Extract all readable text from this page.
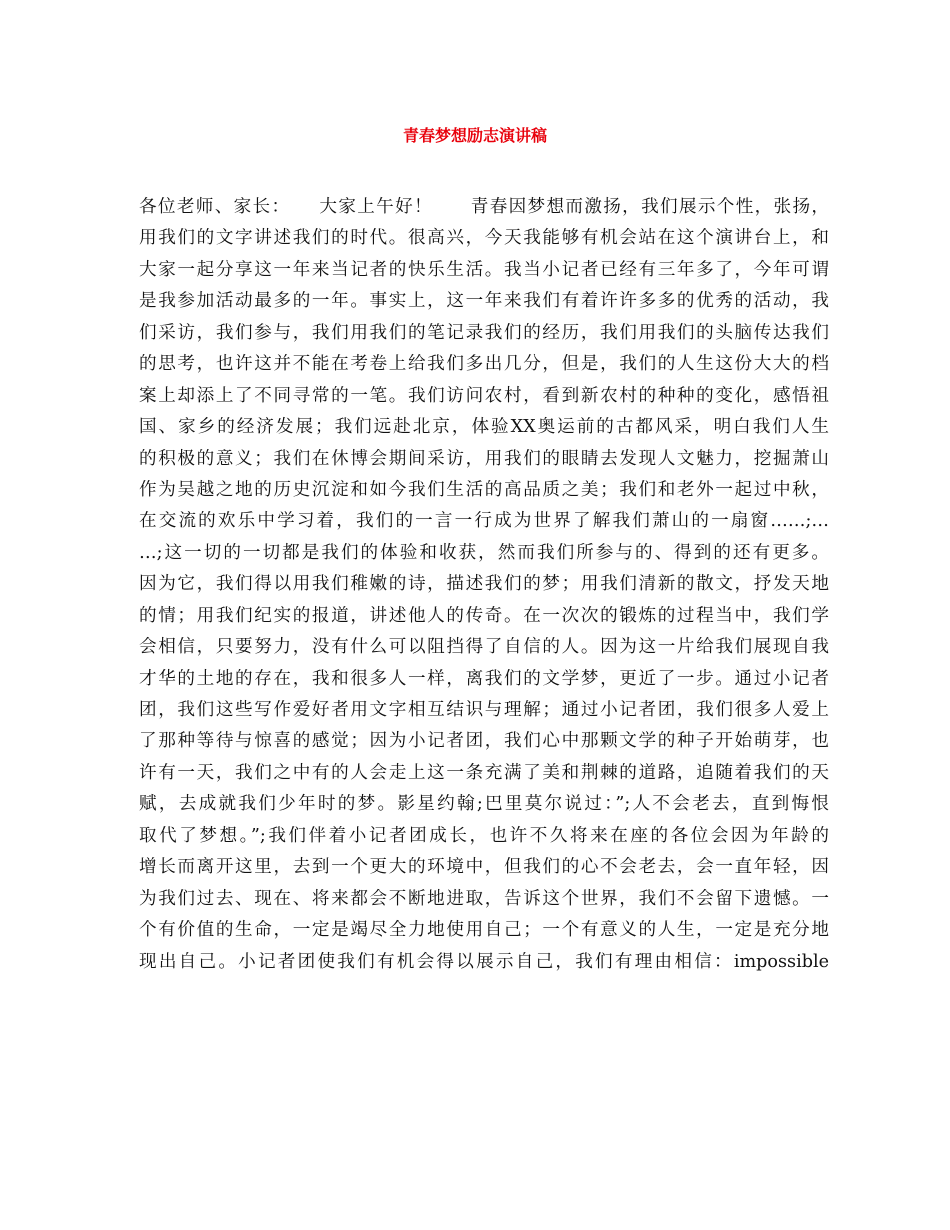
青春梦想励志演讲稿
各位老师、家长：　　大家上午好！　　青春因梦想而激扬，我们展示个性，张扬，
用我们的文字讲述我们的时代。很高兴，今天我能够有机会站在这个演讲台上，和
大家一起分享这一年来当记者的快乐生活。我当小记者已经有三年多了，今年可谓
是我参加活动最多的一年。事实上，这一年来我们有着许许多多的优秀的活动，我
们采访，我们参与，我们用我们的笔记录我们的经历，我们用我们的头脑传达我们
的思考，也许这并不能在考卷上给我们多出几分，但是，我们的人生这份大大的档
案上却添上了不同寻常的一笔。我们访问农村，看到新农村的种种的变化，感悟祖
国、家乡的经济发展；我们远赴北京，体验XX奥运前的古都风采，明白我们人生
的积极的意义；我们在休博会期间采访，用我们的眼睛去发现人文魅力，挖掘萧山
作为吴越之地的历史沉淀和如今我们生活的高品质之美；我们和老外一起过中秋，
在交流的欢乐中学习着，我们的一言一行成为世界了解我们萧山的一扇窗……;…
…;这一切的一切都是我们的体验和收获，然而我们所参与的、得到的还有更多。
因为它，我们得以用我们稚嫩的诗，描述我们的梦；用我们清新的散文，抒发天地
的情；用我们纪实的报道，讲述他人的传奇。在一次次的锻炼的过程当中，我们学
会相信，只要努力，没有什么可以阻挡得了自信的人。因为这一片给我们展现自我
才华的土地的存在，我和很多人一样，离我们的文学梦，更近了一步。通过小记者
团，我们这些写作爱好者用文字相互结识与理解；通过小记者团，我们很多人爱上
了那种等待与惊喜的感觉；因为小记者团，我们心中那颗文学的种子开始萌芽，也
许有一天，我们之中有的人会走上这一条充满了美和荆棘的道路，追随着我们的天
赋，去成就我们少年时的梦。影星约翰;巴里莫尔说过：”;人不会老去，直到悔恨
取代了梦想。”;我们伴着小记者团成长，也许不久将来在座的各位会因为年龄的
增长而离开这里，去到一个更大的环境中，但我们的心不会老去，会一直年轻，因
为我们过去、现在、将来都会不断地进取，告诉这个世界，我们不会留下遗憾。一
个有价值的生命，一定是竭尽全力地使用自己；一个有意义的人生，一定是充分地
现出自己。小记者团使我们有机会得以展示自己，我们有理由相信：impossible
